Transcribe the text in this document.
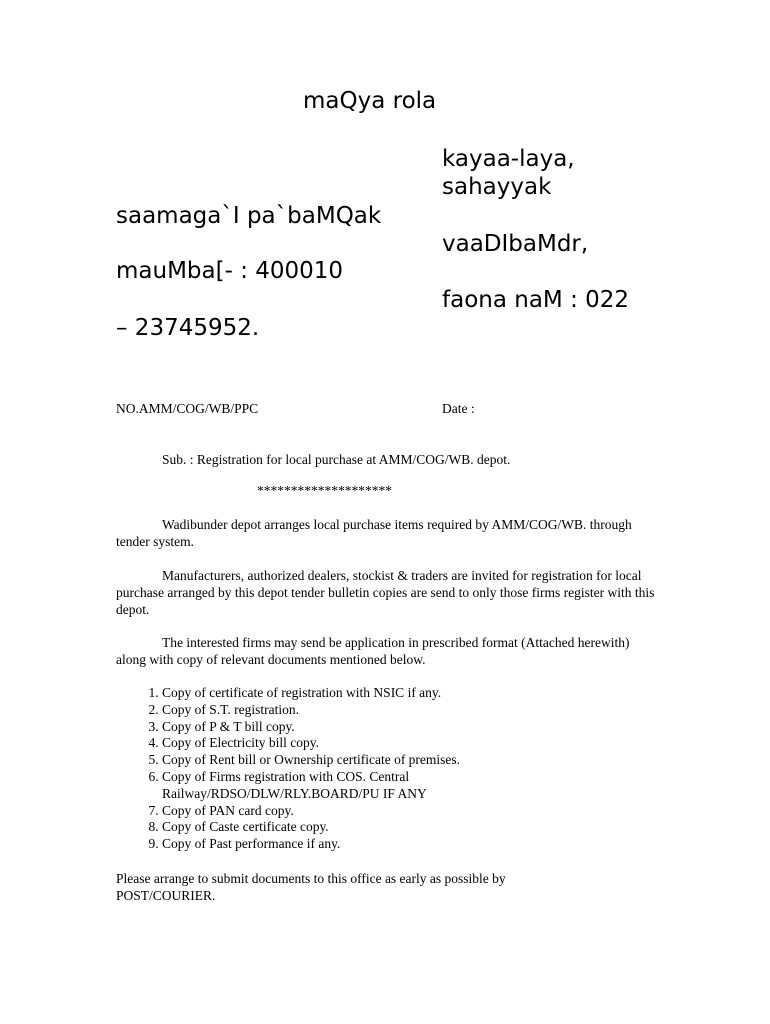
maQya rola
kayaa-laya,
sahayyak
saamaga`I pa`baMQak
vaaDIbaMdr,
mauMba[- : 400010
faona naM : 022
– 23745952.
NO.AMM/COG/WB/PPC	Date :
Sub. : Registration for local purchase at AMM/COG/WB. depot.
********************
Wadibunder depot arranges local purchase items required by AMM/COG/WB. through tender system.
Manufacturers, authorized dealers, stockist & traders are invited for registration for local purchase arranged by this depot tender bulletin copies are send to only those firms register with this depot.
The interested firms may send be application in prescribed format (Attached herewith) along with copy of relevant documents mentioned below.
1. Copy of certificate of registration with NSIC if any.
2. Copy of S.T. registration.
3. Copy of P & T bill copy.
4. Copy of Electricity bill copy.
5. Copy of Rent bill or Ownership certificate of premises.
6. Copy of Firms registration with COS. Central Railway/RDSO/DLW/RLY.BOARD/PU IF ANY
7. Copy of PAN card copy.
8. Copy of Caste certificate copy.
9. Copy of Past performance if any.
Please arrange to submit documents to this office as early as possible by POST/COURIER.
